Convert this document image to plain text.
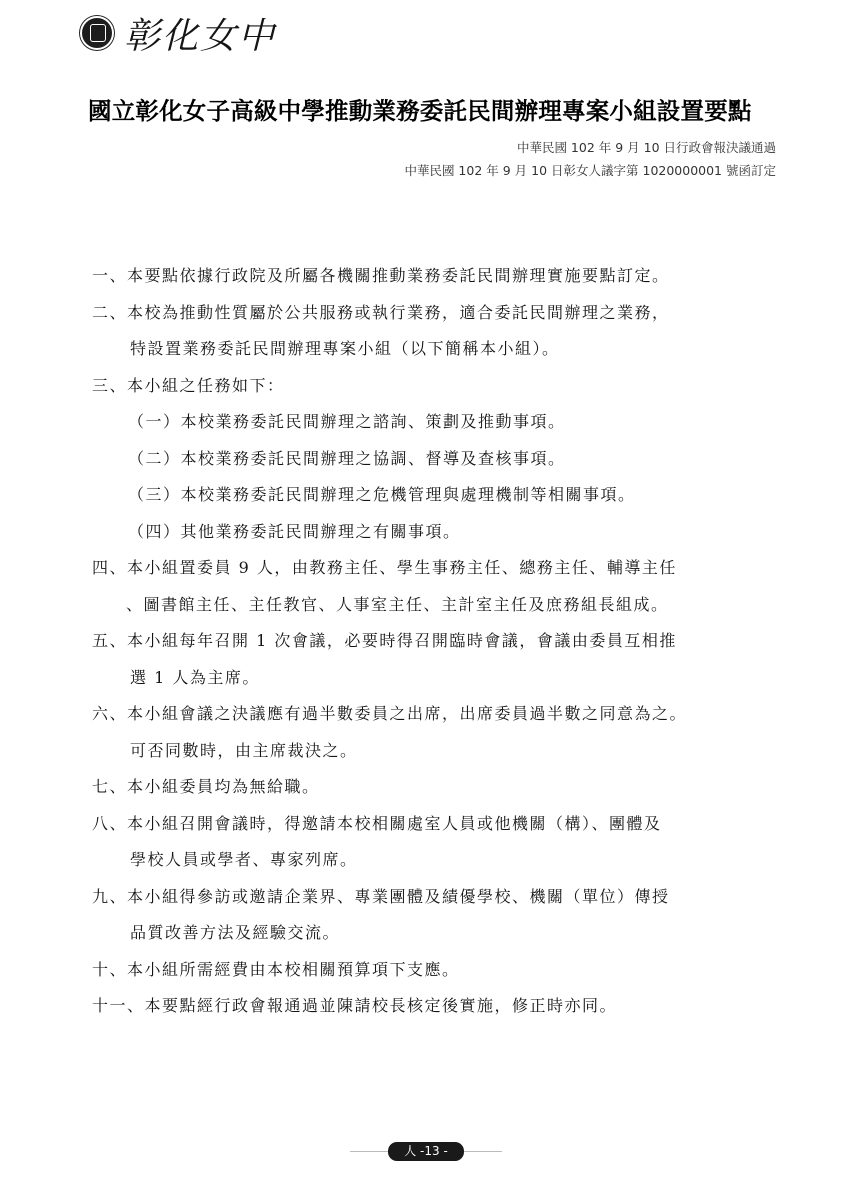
彰化女中
國立彰化女子高級中學推動業務委託民間辦理專案小組設置要點
中華民國 102 年 9 月 10 日行政會報決議通過
中華民國 102 年 9 月 10 日彰女人議字第 1020000001 號函訂定
一、本要點依據行政院及所屬各機關推動業務委託民間辦理實施要點訂定。
二、本校為推動性質屬於公共服務或執行業務，適合委託民間辦理之業務，
特設置業務委託民間辦理專案小組（以下簡稱本小組）。
三、本小組之任務如下：
（一）本校業務委託民間辦理之諮詢、策劃及推動事項。
（二）本校業務委託民間辦理之協調、督導及查核事項。
（三）本校業務委託民間辦理之危機管理與處理機制等相關事項。
（四）其他業務委託民間辦理之有關事項。
四、本小組置委員 9 人，由教務主任、學生事務主任、總務主任、輔導主任
、圖書館主任、主任教官、人事室主任、主計室主任及庶務組長組成。
五、本小組每年召開 1 次會議，必要時得召開臨時會議，會議由委員互相推
選 1 人為主席。
六、本小組會議之決議應有過半數委員之出席，出席委員過半數之同意為之。
可否同數時，由主席裁決之。
七、本小組委員均為無給職。
八、本小組召開會議時，得邀請本校相關處室人員或他機關（構）、團體及
學校人員或學者、專家列席。
九、本小組得參訪或邀請企業界、專業團體及績優學校、機關（單位）傳授
品質改善方法及經驗交流。
十、本小組所需經費由本校相關預算項下支應。
十一、本要點經行政會報通過並陳請校長核定後實施，修正時亦同。
人 -13 -
